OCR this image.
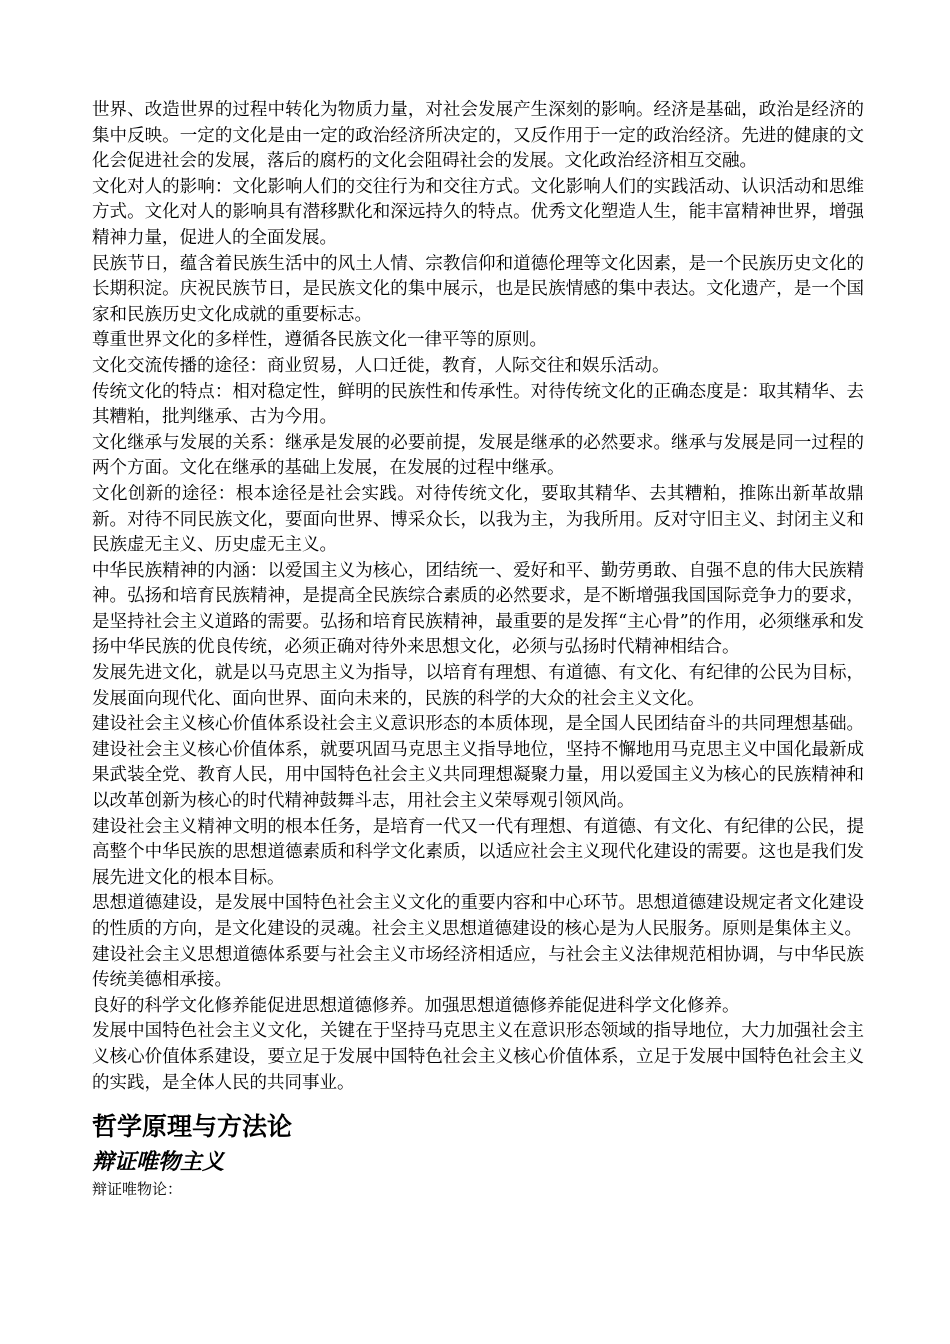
世界、改造世界的过程中转化为物质力量，对社会发展产生深刻的影响。经济是基础，政治是经济的集中反映。一定的文化是由一定的政治经济所决定的，又反作用于一定的政治经济。先进的健康的文化会促进社会的发展，落后的腐朽的文化会阻碍社会的发展。文化政治经济相互交融。

文化对人的影响：文化影响人们的交往行为和交往方式。文化影响人们的实践活动、认识活动和思维方式。文化对人的影响具有潜移默化和深远持久的特点。优秀文化塑造人生，能丰富精神世界，增强精神力量，促进人的全面发展。

民族节日，蕴含着民族生活中的风土人情、宗教信仰和道德伦理等文化因素，是一个民族历史文化的长期积淀。庆祝民族节日，是民族文化的集中展示，也是民族情感的集中表达。文化遗产，是一个国家和民族历史文化成就的重要标志。

尊重世界文化的多样性，遵循各民族文化一律平等的原则。

文化交流传播的途径：商业贸易，人口迁徙，教育，人际交往和娱乐活动。

传统文化的特点：相对稳定性，鲜明的民族性和传承性。对待传统文化的正确态度是：取其精华、去其糟粕，批判继承、古为今用。

文化继承与发展的关系：继承是发展的必要前提，发展是继承的必然要求。继承与发展是同一过程的两个方面。文化在继承的基础上发展，在发展的过程中继承。

文化创新的途径：根本途径是社会实践。对待传统文化，要取其精华、去其糟粕，推陈出新革故鼎新。对待不同民族文化，要面向世界、博采众长，以我为主，为我所用。反对守旧主义、封闭主义和民族虚无主义、历史虚无主义。

中华民族精神的内涵：以爱国主义为核心，团结统一、爱好和平、勤劳勇敢、自强不息的伟大民族精神。弘扬和培育民族精神，是提高全民族综合素质的必然要求，是不断增强我国国际竞争力的要求，是坚持社会主义道路的需要。弘扬和培育民族精神，最重要的是发挥“主心骨”的作用，必须继承和发扬中华民族的优良传统，必须正确对待外来思想文化，必须与弘扬时代精神相结合。

发展先进文化，就是以马克思主义为指导，以培育有理想、有道德、有文化、有纪律的公民为目标，发展面向现代化、面向世界、面向未来的，民族的科学的大众的社会主义文化。

建设社会主义核心价值体系设社会主义意识形态的本质体现，是全国人民团结奋斗的共同理想基础。建设社会主义核心价值体系，就要巩固马克思主义指导地位，坚持不懈地用马克思主义中国化最新成果武装全党、教育人民，用中国特色社会主义共同理想凝聚力量，用以爱国主义为核心的民族精神和以改革创新为核心的时代精神鼓舞斗志，用社会主义荣辱观引领风尚。

建设社会主义精神文明的根本任务，是培育一代又一代有理想、有道德、有文化、有纪律的公民，提高整个中华民族的思想道德素质和科学文化素质，以适应社会主义现代化建设的需要。这也是我们发展先进文化的根本目标。

思想道德建设，是发展中国特色社会主义文化的重要内容和中心环节。思想道德建设规定者文化建设的性质的方向，是文化建设的灵魂。社会主义思想道德建设的核心是为人民服务。原则是集体主义。

建设社会主义思想道德体系要与社会主义市场经济相适应，与社会主义法律规范相协调，与中华民族传统美德相承接。

良好的科学文化修养能促进思想道德修养。加强思想道德修养能促进科学文化修养。

发展中国特色社会主义文化，关键在于坚持马克思主义在意识形态领域的指导地位，大力加强社会主义核心价值体系建设，要立足于发展中国特色社会主义核心价值体系，立足于发展中国特色社会主义的实践，是全体人民的共同事业。

哲学原理与方法论

辩证唯物主义

辩证唯物论：
